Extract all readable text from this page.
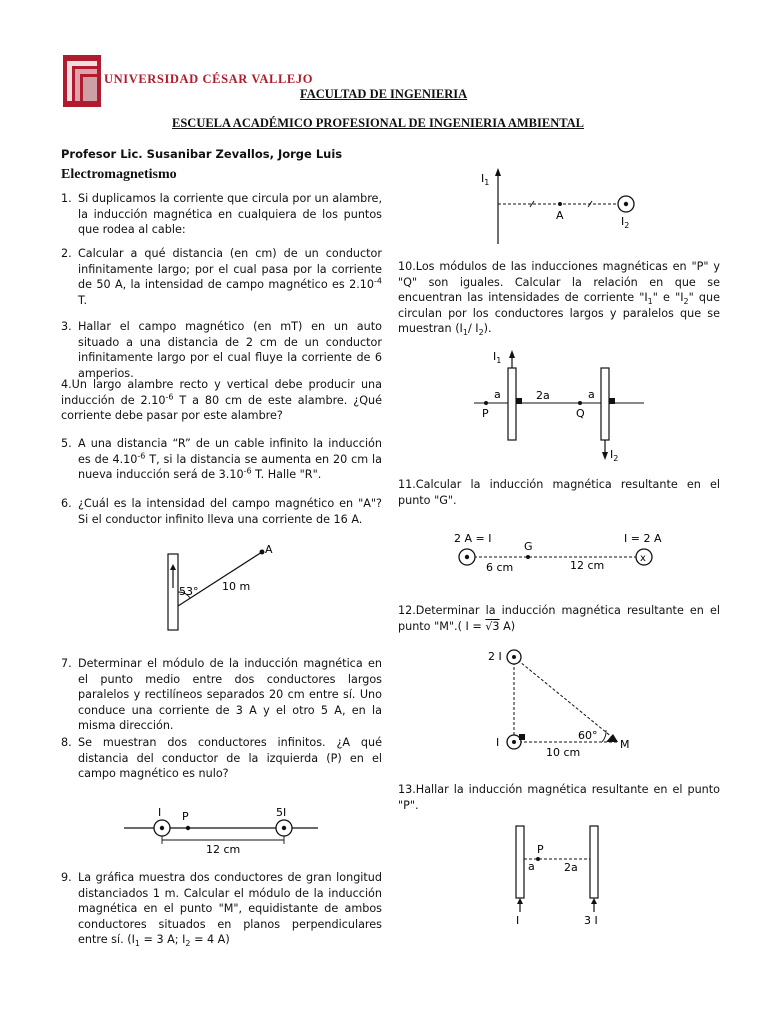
UNIVERSIDAD CÉSAR VALLEJO
FACULTAD DE INGENIERIA
ESCUELA ACADÉMICO PROFESIONAL DE INGENIERIA AMBIENTAL
Profesor Lic. Susanibar Zevallos, Jorge Luis
Electromagnetismo
1. Si duplicamos la corriente que circula por un alambre, la inducción magnética en cualquiera de los puntos que rodea al cable:
2. Calcular a qué distancia (en cm) de un conductor infinitamente largo; por el cual pasa por la corriente de 50 A, la intensidad de campo magnético es $2.10^{-4}$ T.
3. Hallar el campo magnético (en mT) en un auto situado a una distancia de 2 cm de un conductor infinitamente largo por el cual fluye la corriente de 6 amperios.
4.Un largo alambre recto y vertical debe producir una inducción de $2.10^{-6}$ T a 80 cm de este alambre. ¿Qué corriente debe pasar por este alambre?
5. A una distancia “R” de un cable infinito la inducción es de $4.10^{-6}$ T, si la distancia se aumenta en 20 cm la nueva inducción será de $3.10^{-6}$ T. Halle "R".
6. ¿Cuál es la intensidad del campo magnético en "A"? Si el conductor infinito lleva una corriente de 16 A.
A
53° 10 m
7. Determinar el módulo de la inducción magnética en el punto medio entre dos conductores largos paralelos y rectilíneos separados 20 cm entre sí. Uno conduce una corriente de 3 A y el otro 5 A, en la misma dirección.
8. Se muestran dos conductores infinitos. ¿A qué distancia del conductor de la izquierda (P) en el campo magnético es nulo?
I P	5I
12 cm
9. La gráfica muestra dos conductores de gran longitud distanciados 1 m. Calcular el módulo de la inducción magnética en el punto "M", equidistante de ambos conductores situados en planos perpendiculares entre sí. ($I_1 = 3$ A; $I_2 = 4$ A)
$I_1$
A	$I_2$
10.Los módulos de las inducciones magnéticas en "P" y "Q" son iguales. Calcular la relación en que se encuentran las intensidades de corriente "$I_1$" e "$I_2$" que circulan por los conductores largos y paralelos que se muestran ($I_1/$ $I_2$).
$I_1$
a	2a	a
P	Q
$I_2$
11.Calcular la inducción magnética resultante en el punto "G".
x
2 A = I
G
I = 2 A
6 cm	12 cm
12.Determinar la inducción magnética resultante en el punto "M".( I = √3 A)
2 I
I
60°
M
10 cm
13.Hallar la inducción magnética resultante en el punto "P".
P
a	2a
I	3 I
